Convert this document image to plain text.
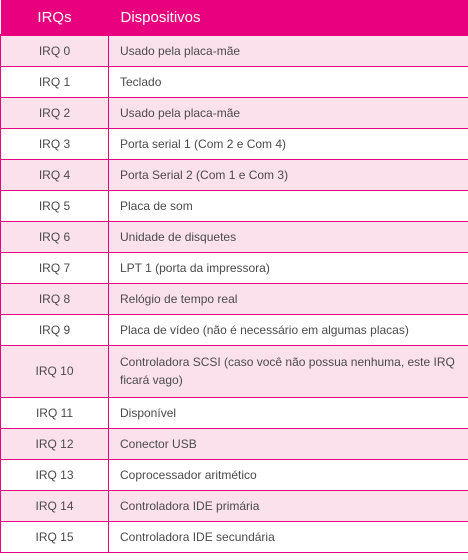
IRQs	Dispositivos
IRQ 0	Usado pela placa-mãe
IRQ 1	Teclado
IRQ 2	Usado pela placa-mãe
IRQ 3	Porta serial 1 (Com 2 e Com 4)
IRQ 4	Porta Serial 2 (Com 1 e Com 3)
IRQ 5	Placa de som
IRQ 6	Unidade de disquetes
IRQ 7	LPT 1 (porta da impressora)
IRQ 8	Relógio de tempo real
IRQ 9	Placa de vídeo (não é necessário em algumas placas)
IRQ 10	Controladora SCSI (caso você não possua nenhuma, este IRQ ficará vago)
IRQ 11	Disponível
IRQ 12	Conector USB
IRQ 13	Coprocessador aritmético
IRQ 14	Controladora IDE primária
IRQ 15	Controladora IDE secundária
